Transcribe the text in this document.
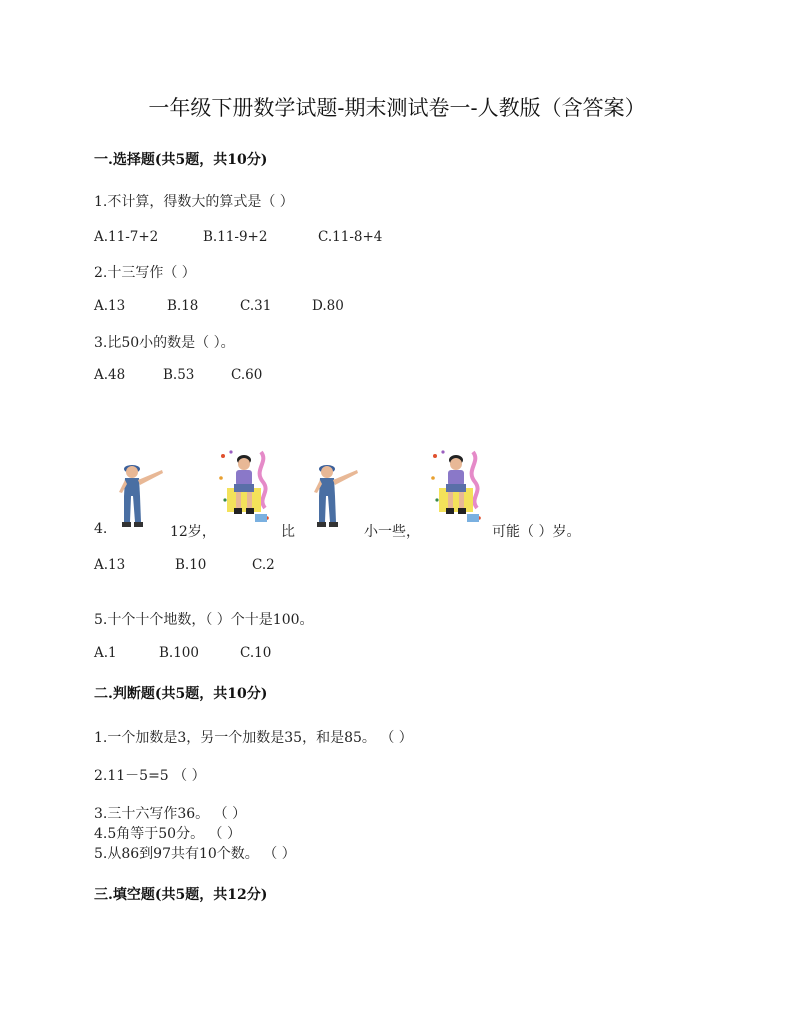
一年级下册数学试题-期末测试卷一-人教版（含答案）
一.选择题(共5题，共10分)
1.不计算，得数大的算式是（ ）
A.11-7+2	B.11-9+2	C.11-8+4
2.十三写作（ ）
A.13	B.18	C.31	D.80
3.比50小的数是（ ）。
A.48	B.53	C.60
4.	12岁，	比	小一些，	可能（ ）岁。
A.13	B.10	C.2
5.十个十个地数，（ ）个十是100。
A.1	B.100	C.10
二.判断题(共5题，共10分)
1.一个加数是3，另一个加数是35，和是85。 （ ）
2.11－5=5 （ ）
3.三十六写作36。 （ ）
4.5角等于50分。 （ ）
5.从86到97共有10个数。 （ ）
三.填空题(共5题，共12分)
